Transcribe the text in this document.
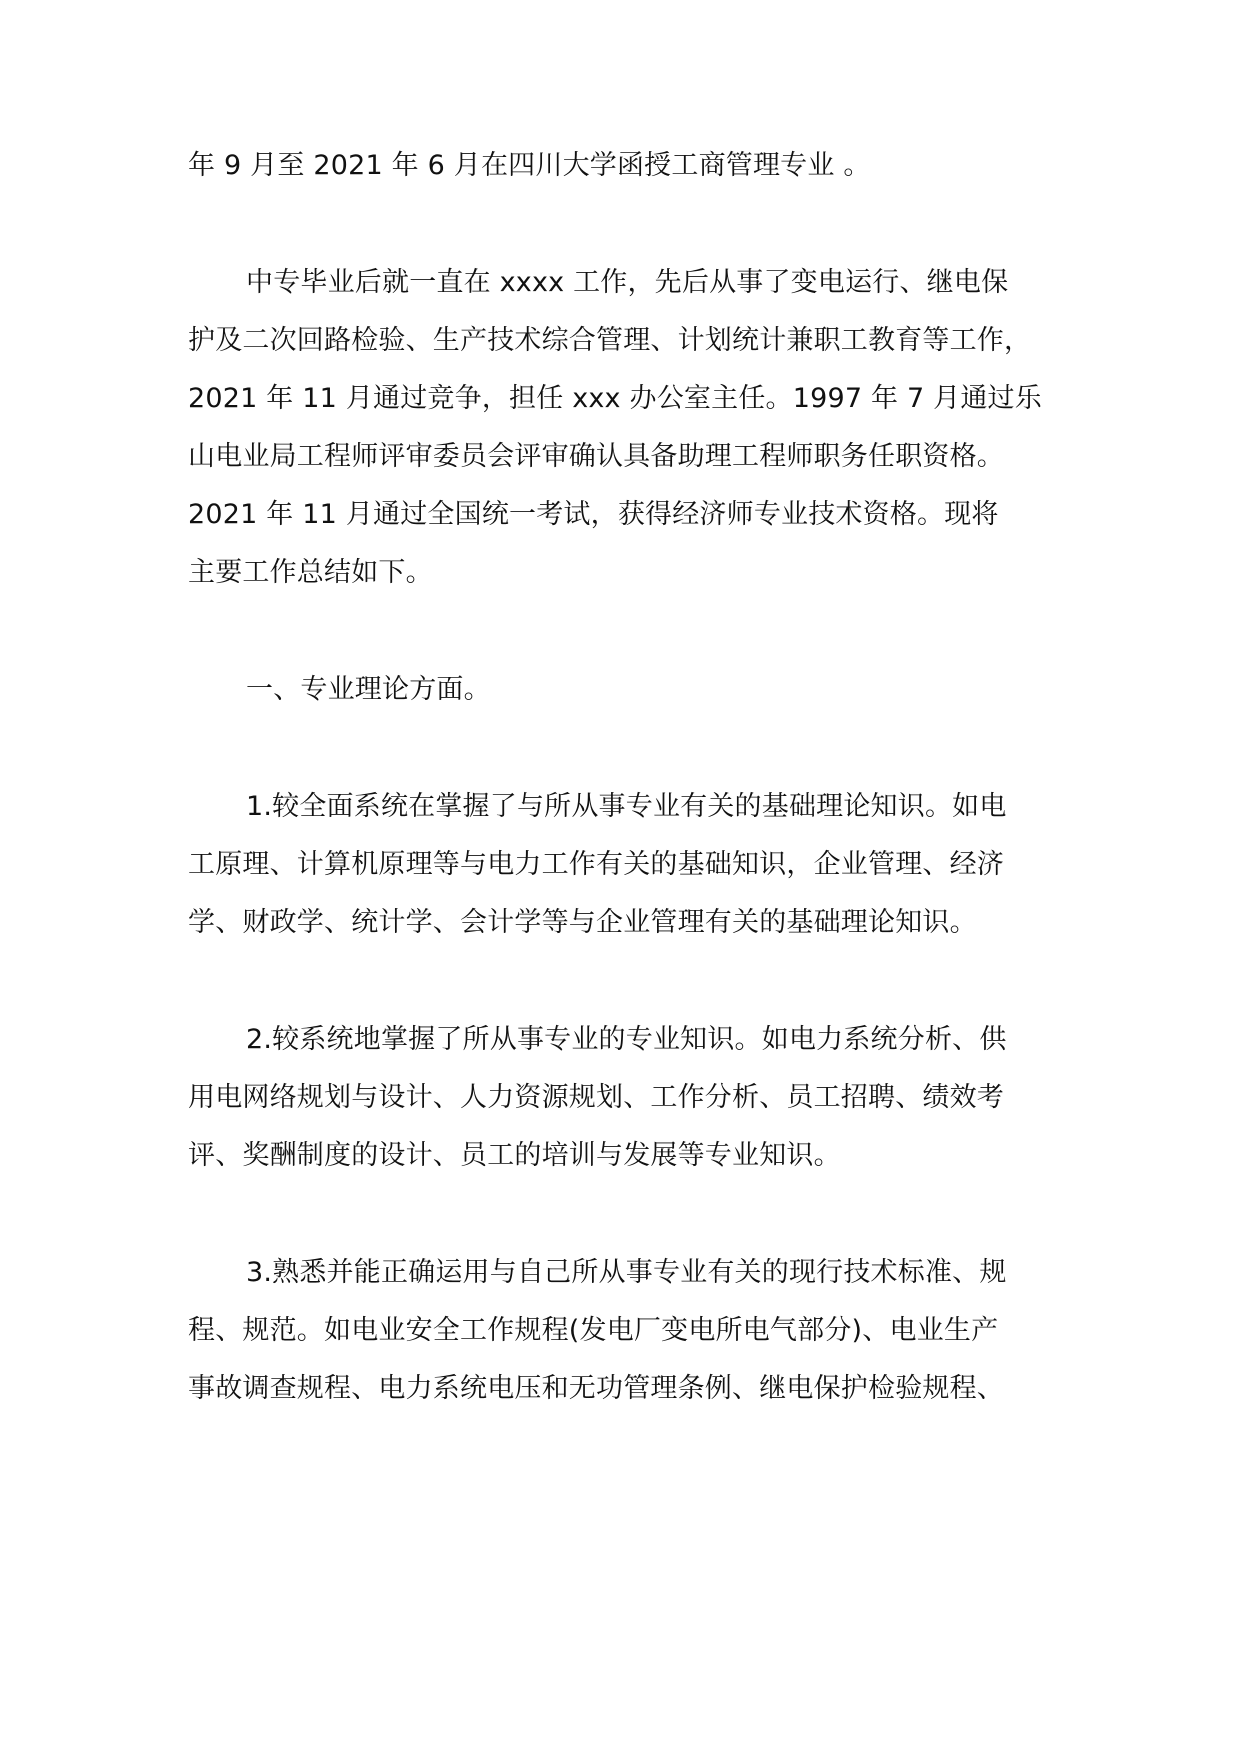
年 9 月至 2021 年 6 月在四川大学函授工商管理专业 。
中专毕业后就一直在 xxxx 工作，先后从事了变电运行、继电保
护及二次回路检验、生产技术综合管理、计划统计兼职工教育等工作，
2021 年 11 月通过竞争，担任 xxx 办公室主任。1997 年 7 月通过乐
山电业局工程师评审委员会评审确认具备助理工程师职务任职资格。
2021 年 11 月通过全国统一考试，获得经济师专业技术资格。现将
主要工作总结如下。
一、专业理论方面。
1.较全面系统在掌握了与所从事专业有关的基础理论知识。如电
工原理、计算机原理等与电力工作有关的基础知识，企业管理、经济
学、财政学、统计学、会计学等与企业管理有关的基础理论知识。
2.较系统地掌握了所从事专业的专业知识。如电力系统分析、供
用电网络规划与设计、人力资源规划、工作分析、员工招聘、绩效考
评、奖酬制度的设计、员工的培训与发展等专业知识。
3.熟悉并能正确运用与自己所从事专业有关的现行技术标准、规
程、规范。如电业安全工作规程(发电厂变电所电气部分)、电业生产
事故调查规程、电力系统电压和无功管理条例、继电保护检验规程、
